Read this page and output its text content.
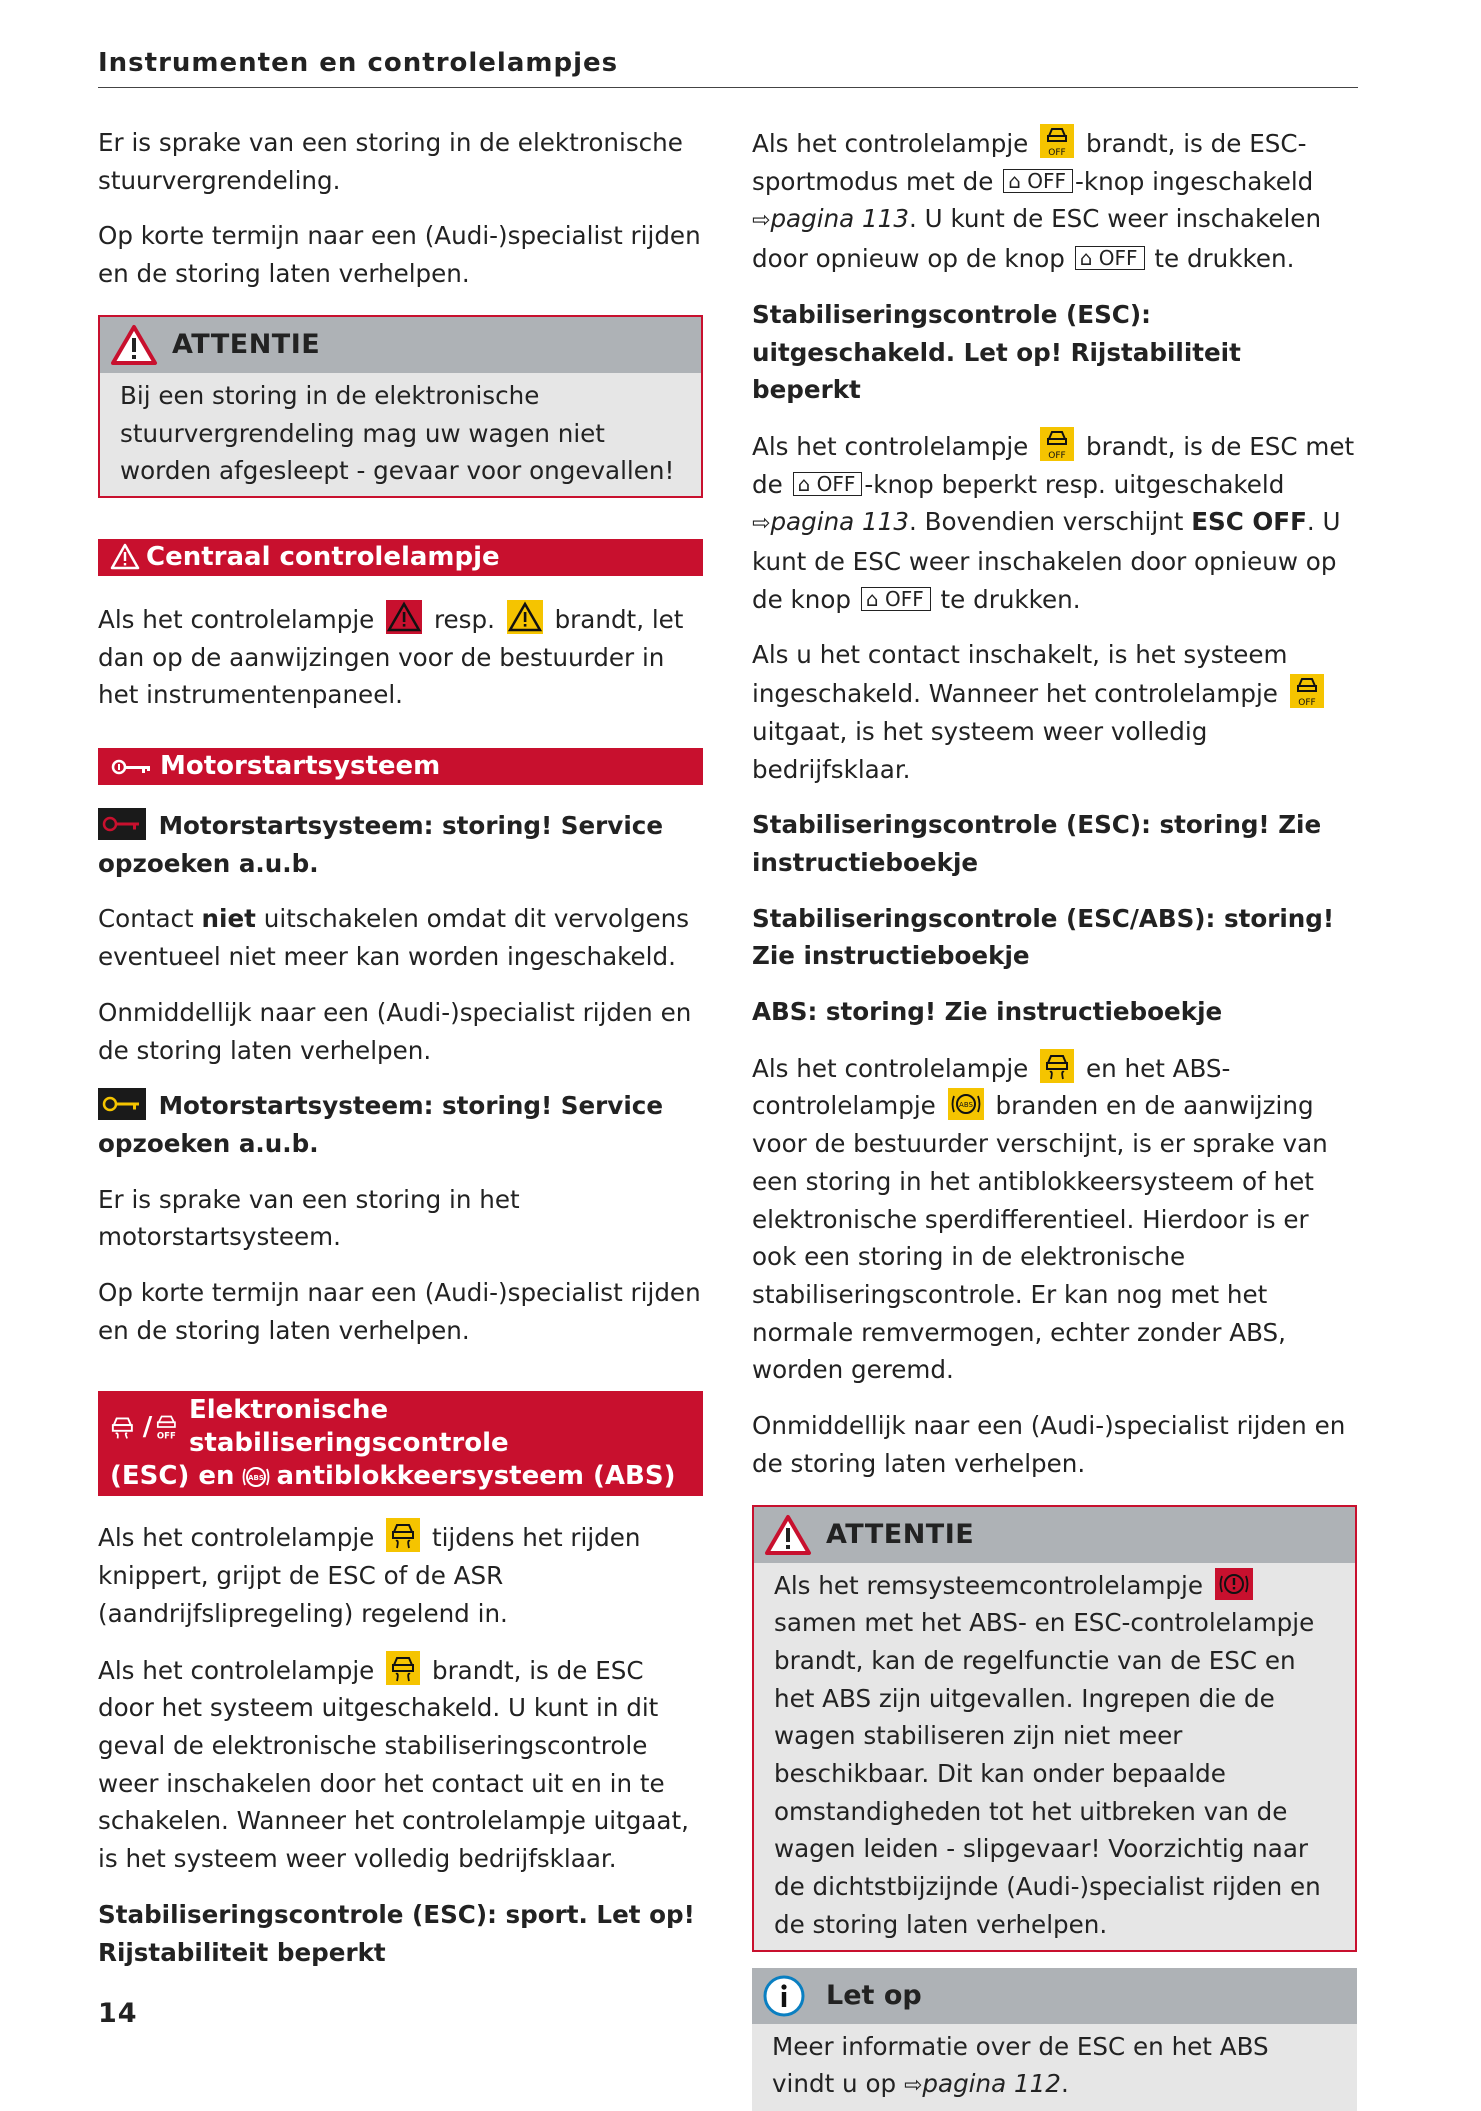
Instrumenten en controlelampjes

Er is sprake van een storing in de elektronische stuurvergrendeling.

Op korte termijn naar een (Audi-)specialist rijden en de storing laten verhelpen.

ATTENTIE
Bij een storing in de elektronische stuurvergrendeling mag uw wagen niet worden afgesleept - gevaar voor ongevallen!
Centraal controlelampje

Als het controlelampje resp. brandt, let dan op de aanwijzingen voor de bestuurder in het instrumentenpaneel.

Motorstartsysteem

Motorstartsysteem: storing! Service opzoeken a.u.b.

Contact niet uitschakelen omdat dit vervolgens eventueel niet meer kan worden ingeschakeld.

Onmiddellijk naar een (Audi-)specialist rijden en de storing laten verhelpen.

Motorstartsysteem: storing! Service opzoeken a.u.b.

Er is sprake van een storing in het motorstartsysteem.

Op korte termijn naar een (Audi-)specialist rijden en de storing laten verhelpen.

/ OFF
Elektronische stabiliseringscontrole
(ESC) en ABS antiblokkeersysteem (ABS)

Als het controlelampje tijdens het rijden knippert, grijpt de ESC of de ASR (aandrijfslipregeling) regelend in.

Als het controlelampje brandt, is de ESC door het systeem uitgeschakeld. U kunt in dit geval de elektronische stabiliseringscontrole weer inschakelen door het contact uit en in te schakelen. Wanneer het controlelampje uitgaat, is het systeem weer volledig bedrijfsklaar.

Stabiliseringscontrole (ESC): sport. Let op! Rijstabiliteit beperkt

Als het controlelampje OFF brandt, is de ESC-sportmodus met de ⌂ OFF -knop ingeschakeld ⇨pagina 113. U kunt de ESC weer inschakelen door opnieuw op de knop ⌂ OFF te drukken.

Stabiliseringscontrole (ESC): uitgeschakeld. Let op! Rijstabiliteit beperkt

Als het controlelampje OFF brandt, is de ESC met de ⌂ OFF -knop beperkt resp. uitgeschakeld ⇨pagina 113. Bovendien verschijnt ESC OFF. U kunt de ESC weer inschakelen door opnieuw op de knop ⌂ OFF te drukken.

Als u het contact inschakelt, is het systeem ingeschakeld. Wanneer het controlelampje OFF
uitgaat, is het systeem weer volledig bedrijfsklaar.

Stabiliseringscontrole (ESC): storing! Zie instructieboekje

Stabiliseringscontrole (ESC/ABS): storing! Zie instructieboekje

ABS: storing! Zie instructieboekje

Als het controlelampje en het ABS-controlelampje	ABS branden en de aanwijzing voor de bestuurder verschijnt, is er sprake van een storing in het antiblokkeersysteem of het elektronische sperdifferentieel. Hierdoor is er ook een storing in de elektronische stabiliseringscontrole. Er kan nog met het normale remvermogen, echter zonder ABS, worden geremd.

Onmiddellijk naar een (Audi-)specialist rijden en de storing laten verhelpen.

ATTENTIE
Als het remsysteemcontrolelampje  samen met het ABS- en ESC-controlelampje brandt, kan de regelfunctie van de ESC en het ABS zijn uitgevallen. Ingrepen die de wagen stabiliseren zijn niet meer beschikbaar. Dit kan onder bepaalde omstandigheden tot het uitbreken van de wagen leiden - slipgevaar! Voorzichtig naar de dichtstbijzijnde (Audi-)specialist rijden en de storing laten verhelpen.
Let op
Meer informatie over de ESC en het ABS vindt u op ⇨pagina 112.
14
